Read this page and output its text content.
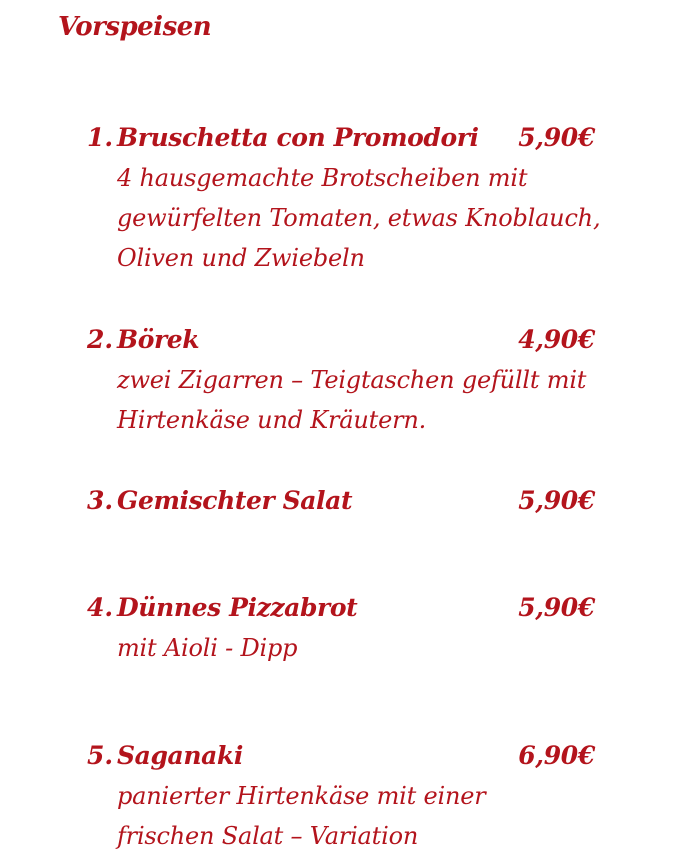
Vorspeisen
1. Bruschetta con Promodori 5,90€
4 hausgemachte Brotscheiben mit
gewürfelten Tomaten, etwas Knoblauch,
Oliven und Zwiebeln
2. Börek	4,90€
zwei Zigarren – Teigtaschen gefüllt mit
Hirtenkäse und Kräutern.
3. Gemischter Salat	5,90€
4. Dünnes Pizzabrot	5,90€
mit Aioli - Dipp
5. Saganaki	6,90€
panierter Hirtenkäse mit einer
frischen Salat – Variation
